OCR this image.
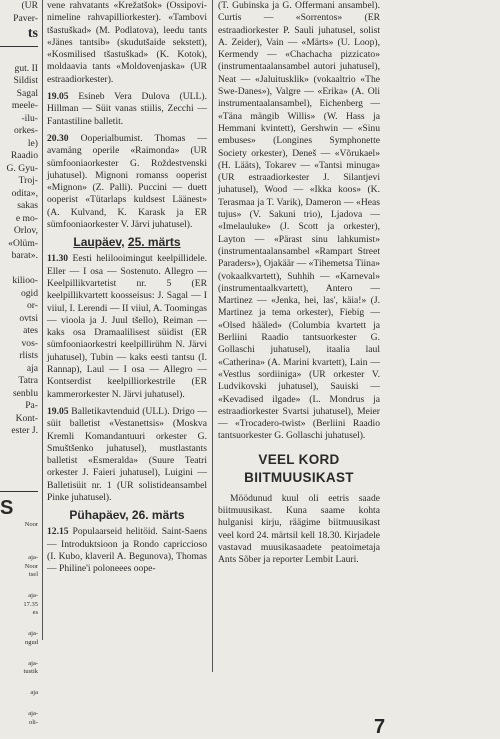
(UR
Paver-
ts

gut. II
Sildist
Sagal
meele-
-ilu-
orkes-
le)
Raadio
G. Gyu-
Troj-
odita»,
sakas
e mo-
Orlov,
«Olüm-
barat».

kilioo-
ogid
or-
ovtsi
ates
vos-
rlists
aja
Tatra
senblu
Pa-
Kont-
ester J.

S
Noor

aja-
Noor
tsel

aja-
17.35
es

aja-
ngud

aja-
tustik

aja

aja-
oli-

vene rahvatants «Krežatšok» (Ossipovi-nimeline rahvapilliorkester). «Tambovi tšastuškad» (M. Podlatova), leedu tants «Jänes tantsib» (skudutšaide sekstett), «Kosmilised tšastuškad» (K. Kotok), moldaavia tants «Moldovenjaska» (UR estraadiorkester).

19.05 Esineb Vera Dulova (ULL). Hillman — Süit vanas stiilis, Zecchi — Fantastiline balletit.

20.30 Ooperialbumist. Thomas — avamäng operile «Raimonda» (UR sümfooniaorkester G. Roždestvenski juhatusel). Mignoni romanss ooperist «Mignon» (Z. Palli). Puccini — duett ooperist «Tütarlaps kuldsest Läänest» (A. Kulvand, K. Karask ja ER sümfooniaorkester V. Järvi juhatusel).

Laupäev, 25. märts

11.30 Eesti helilooimingut keelpillidele. Eller — I osa — Sostenuto. Allegro — Keelpillikvartetist nr. 5 (ER keelpillikvartett koosseisus: J. Sagal — I viiul, I. Lerendi — II viiul, A. Toomingas — vioola ja J. Juul tšello), Reiman — kaks osa Dramaalilisest süidist (ER sümfooniaorkestri keelpillirühm N. Järvi juhatusel), Tubin — kaks eesti tantsu (I. Rannap), Laul — I osa — Allegro — Kontserdist keelpilliorkestrile (ER kammerorkester N. Järvi juhatusel).

19.05 Balletikavtenduid (ULL). Drigo — süit balletist «Vestanettsis» (Moskva Kremli Komandantuuri orkester G. Smuštšenko juhatusel), mustlastants balletist «Esmeralda» (Suure Teatri orkester J. Faieri juhatusel), Luigini — Balletisüit nr. 1 (UR solistideansambel Pinke juhatusel).

Pühapäev, 26. märts

12.15 Populaarseid helitöid. Saint-Saens — Introduktsioon ja Rondo capriccioso (I. Kubo, klaveril A. Begunova), Thomas — Philine'i poloneees oope-

(T. Gubinska ja G. Offermani ansambel). Curtis — «Sorrentos» (ER estraadiorkester P. Sauli juhatusel, solist A. Zeider), Vain — «Märts» (U. Loop), Kermendy — «Chachacha pizzicato» (instrumentaalansambel autori juhatusel), Neat — «Jaluitusklik» (vokaaltrio «The Swe-Danes»), Valgre — «Erika» (A. Oli instrumentaalansambel), Eichenberg — «Täna mängib Willis» (W. Hass ja Hemmani kvintett), Gershwin — «Sinu embuses» (Longines Symphonette Society orkester), Deneš — «Võrukael» (H. Lääts), Tokarev — «Tantsi minuga» (UR estraadiorkester J. Silantjevi juhatusel), Wood — «Ikka koos» (K. Terasmaa ja T. Varik), Dameron — «Heas tujus» (V. Sakuni trio), Ljadova — «Imelauluke» (J. Scott ja orkester), Layton — «Pärast sinu lahkumist» (instrumentaalansambel «Rampart Street Paraders»), Ojakäär — «Tihemetsa Tiina» (vokaalkvartett), Suhhih — «Karneval» (instrumentaalkvartett), Antero — Martinez — «Jenka, hei, las', käia!» (J. Martinez ja tema orkester), Fiebig — «Olsed hääled» (Columbia kvartett ja Berliini Raadio tantsuorkester G. Gollaschi juhatusel), itaalia laul «Catherina» (A. Marini kvartett), Lain — «Vestlus sordiiniga» (UR orkester V. Ludvikovski juhatusel), Sauiski — «Kevadised ilgade» (L. Mondrus ja estraadiorkester Svartsi juhatusel), Meier — «Trocadero-twist» (Berliini Raadio tantsuorkester G. Gollaschi juhatusel).

VEEL KORD
BIITMUUSIKAST

Möödunud kuul oli eetris saade biitmuusikast. Kuna saame kohta hulganisi kirju, räägime biitmuusikast veel kord 24. märtsil kell 18.30. Kirjadele vastavad muusikasaadete peatoimetaja Ants Sõber ja reporter Lembit Lauri.

7
